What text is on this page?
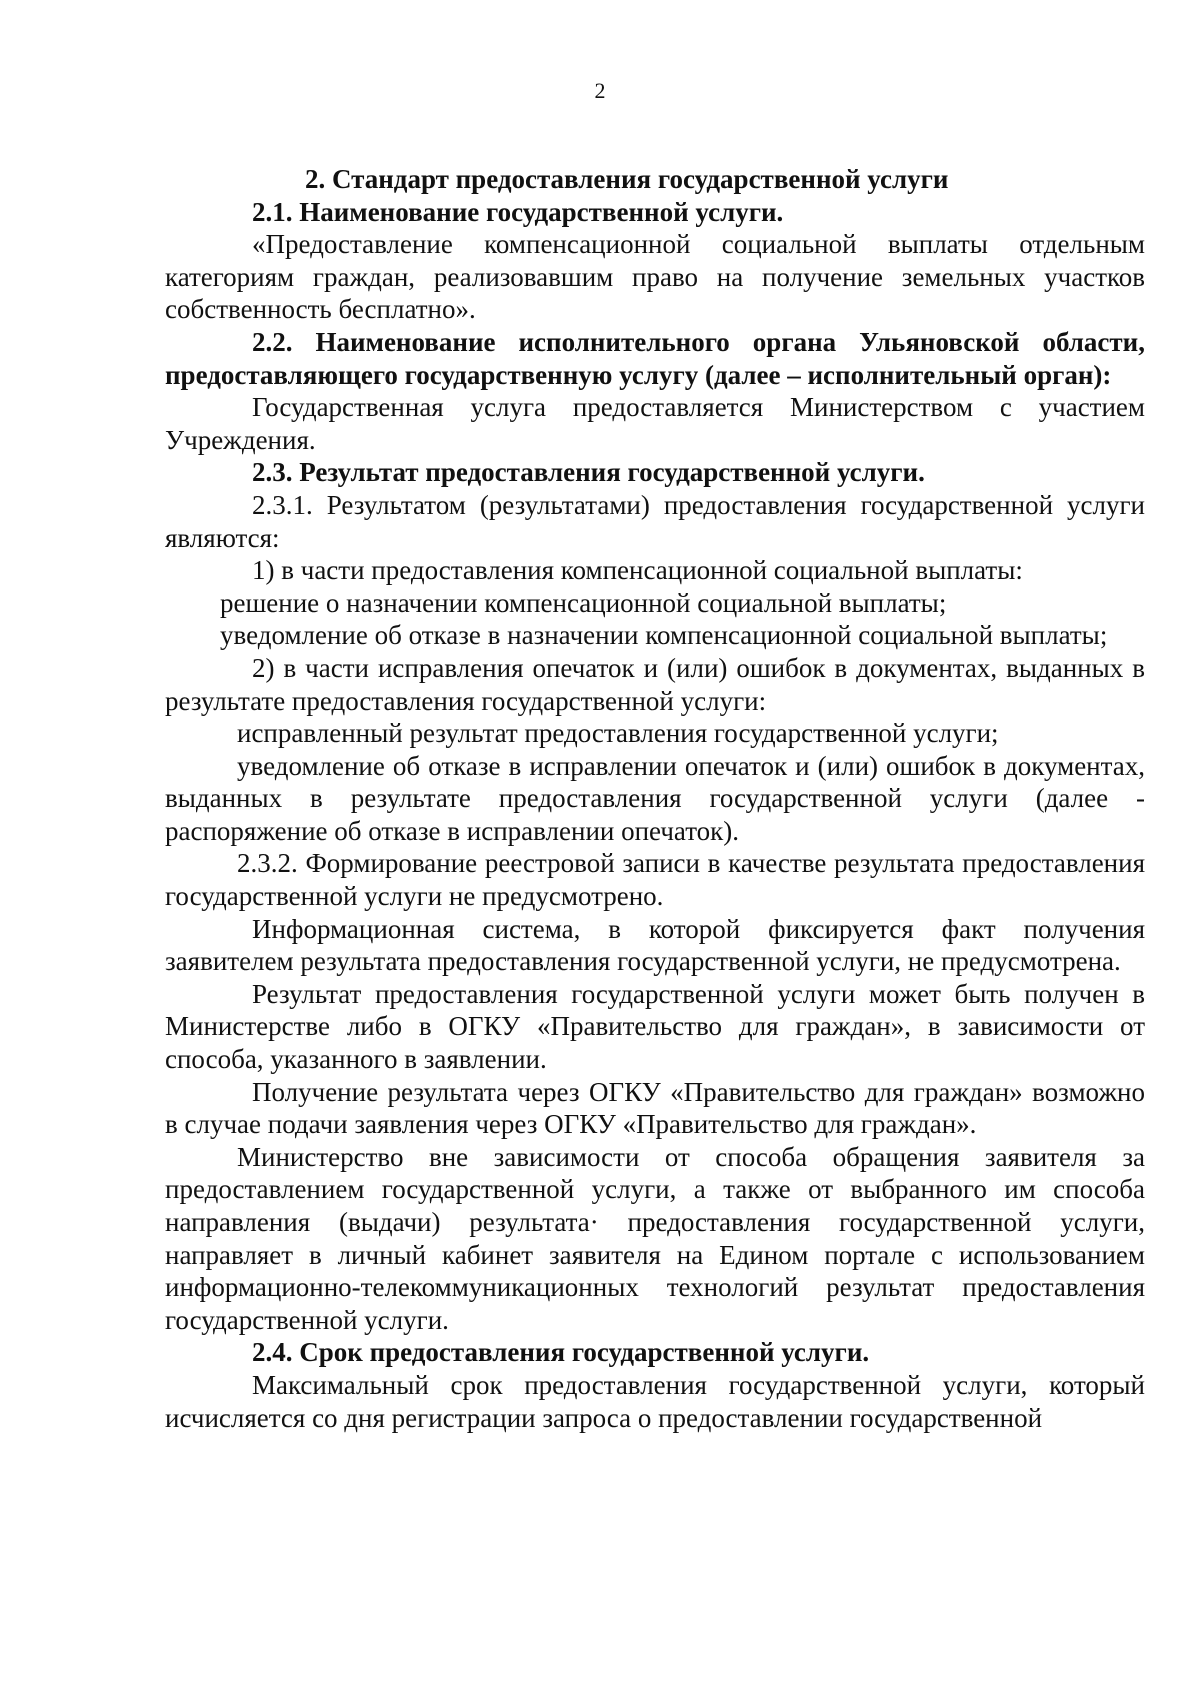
2

2. Стандарт предоставления государственной услуги

2.1. Наименование государственной услуги.

«Предоставление компенсационной социальной выплаты отдельным категориям граждан, реализовавшим право на получение земельных участков собственность бесплатно».

2.2. Наименование исполнительного органа Ульяновской области, предоставляющего государственную услугу (далее – исполнительный орган):

Государственная услуга предоставляется Министерством с участием Учреждения.

2.3. Результат предоставления государственной услуги.

2.3.1. Результатом (результатами) предоставления государственной услуги являются:

1) в части предоставления компенсационной социальной выплаты:

решение о назначении компенсационной социальной выплаты;

уведомление об отказе в назначении компенсационной социальной выплаты;

2) в части исправления опечаток и (или) ошибок в документах, выданных в результате предоставления государственной услуги:

исправленный результат предоставления государственной услуги;

уведомление об отказе в исправлении опечаток и (или) ошибок в документах, выданных в результате предоставления государственной услуги (далее - распоряжение об отказе в исправлении опечаток).

2.3.2. Формирование реестровой записи в качестве результата предоставления государственной услуги не предусмотрено.

Информационная система, в которой фиксируется факт получения заявителем результата предоставления государственной услуги, не предусмотрена.

Результат предоставления государственной услуги может быть получен в Министерстве либо в ОГКУ «Правительство для граждан», в зависимости от способа, указанного в заявлении.

Получение результата через ОГКУ «Правительство для граждан» возможно в случае подачи заявления через ОГКУ «Правительство для граждан».

Министерство вне зависимости от способа обращения заявителя за предоставлением государственной услуги, а также от выбранного им способа направления (выдачи) результата· предоставления государственной услуги, направляет в личный кабинет заявителя на Едином портале с использованием информационно-телекоммуникационных технологий результат предоставления государственной услуги.

2.4. Срок предоставления государственной услуги.

Максимальный срок предоставления государственной услуги, который исчисляется со дня регистрации запроса о предоставлении государственной
